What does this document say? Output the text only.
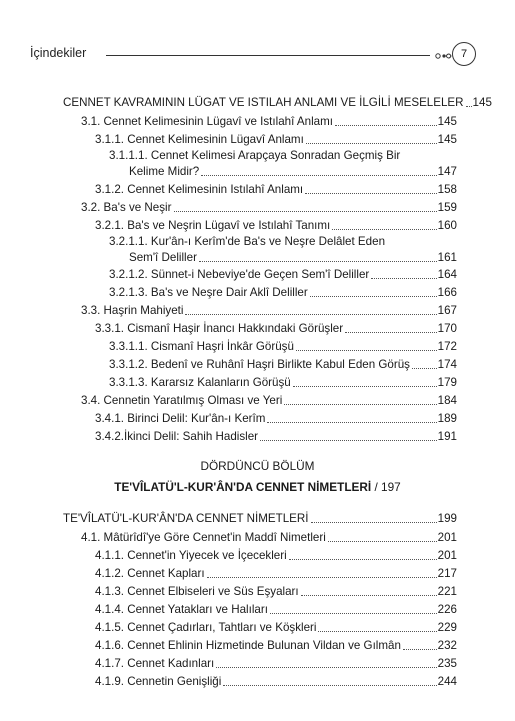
İçindekiler	7
CENNET KAVRAMININ LÜGAT VE ISTILAH ANLAMI VE İLGİLİ MESELELER 145
3.1. Cennet Kelimesinin Lügavî ve Istılahî Anlamı	145
3.1.1. Cennet Kelimesinin Lügavî Anlamı	145
3.1.1.1. Cennet Kelimesi Arapçaya Sonradan Geçmiş Bir
Kelime Midir?	147
3.1.2. Cennet Kelimesinin Istılahî Anlamı	158
3.2. Ba's ve Neşir	159
3.2.1. Ba's ve Neşrin Lügavî ve Istılahî Tanımı	160
3.2.1.1. Kur'ân-ı Kerîm'de Ba's ve Neşre Delâlet Eden
Sem'î Deliller	161
3.2.1.2. Sünnet-i Nebeviye'de Geçen Sem'î Deliller	164
3.2.1.3. Ba's ve Neşre Dair Aklî Deliller	166
3.3. Haşrin Mahiyeti	167
3.3.1. Cismanî Haşir İnancı Hakkındaki Görüşler	170
3.3.1.1. Cismanî Haşri İnkâr Görüşü	172
3.3.1.2. Bedenî ve Ruhânî Haşri Birlikte Kabul Eden Görüş 174
3.3.1.3. Kararsız Kalanların Görüşü	179
3.4. Cennetin Yaratılmış Olması ve Yeri	184
3.4.1. Birinci Delil: Kur'ân-ı Kerîm	189
3.4.2.İkinci Delil: Sahih Hadisler	191
DÖRDÜNCÜ BÖLÜM
TE'VÎLATÜ'L-KUR'ÂN'DA CENNET NİMETLERİ / 197
TE'VÎLATÜ'L-KUR'ÂN'DA CENNET NİMETLERİ	199
4.1. Mâtürîdî'ye Göre Cennet'in Maddî Nimetleri	201
4.1.1. Cennet'in Yiyecek ve İçecekleri	201
4.1.2. Cennet Kapları	217
4.1.3. Cennet Elbiseleri ve Süs Eşyaları	221
4.1.4. Cennet Yatakları ve Halıları	226
4.1.5. Cennet Çadırları, Tahtları ve Köşkleri	229
4.1.6. Cennet Ehlinin Hizmetinde Bulunan Vildan ve Gılmân	232
4.1.7. Cennet Kadınları	235
4.1.9. Cennetin Genişliği	244
